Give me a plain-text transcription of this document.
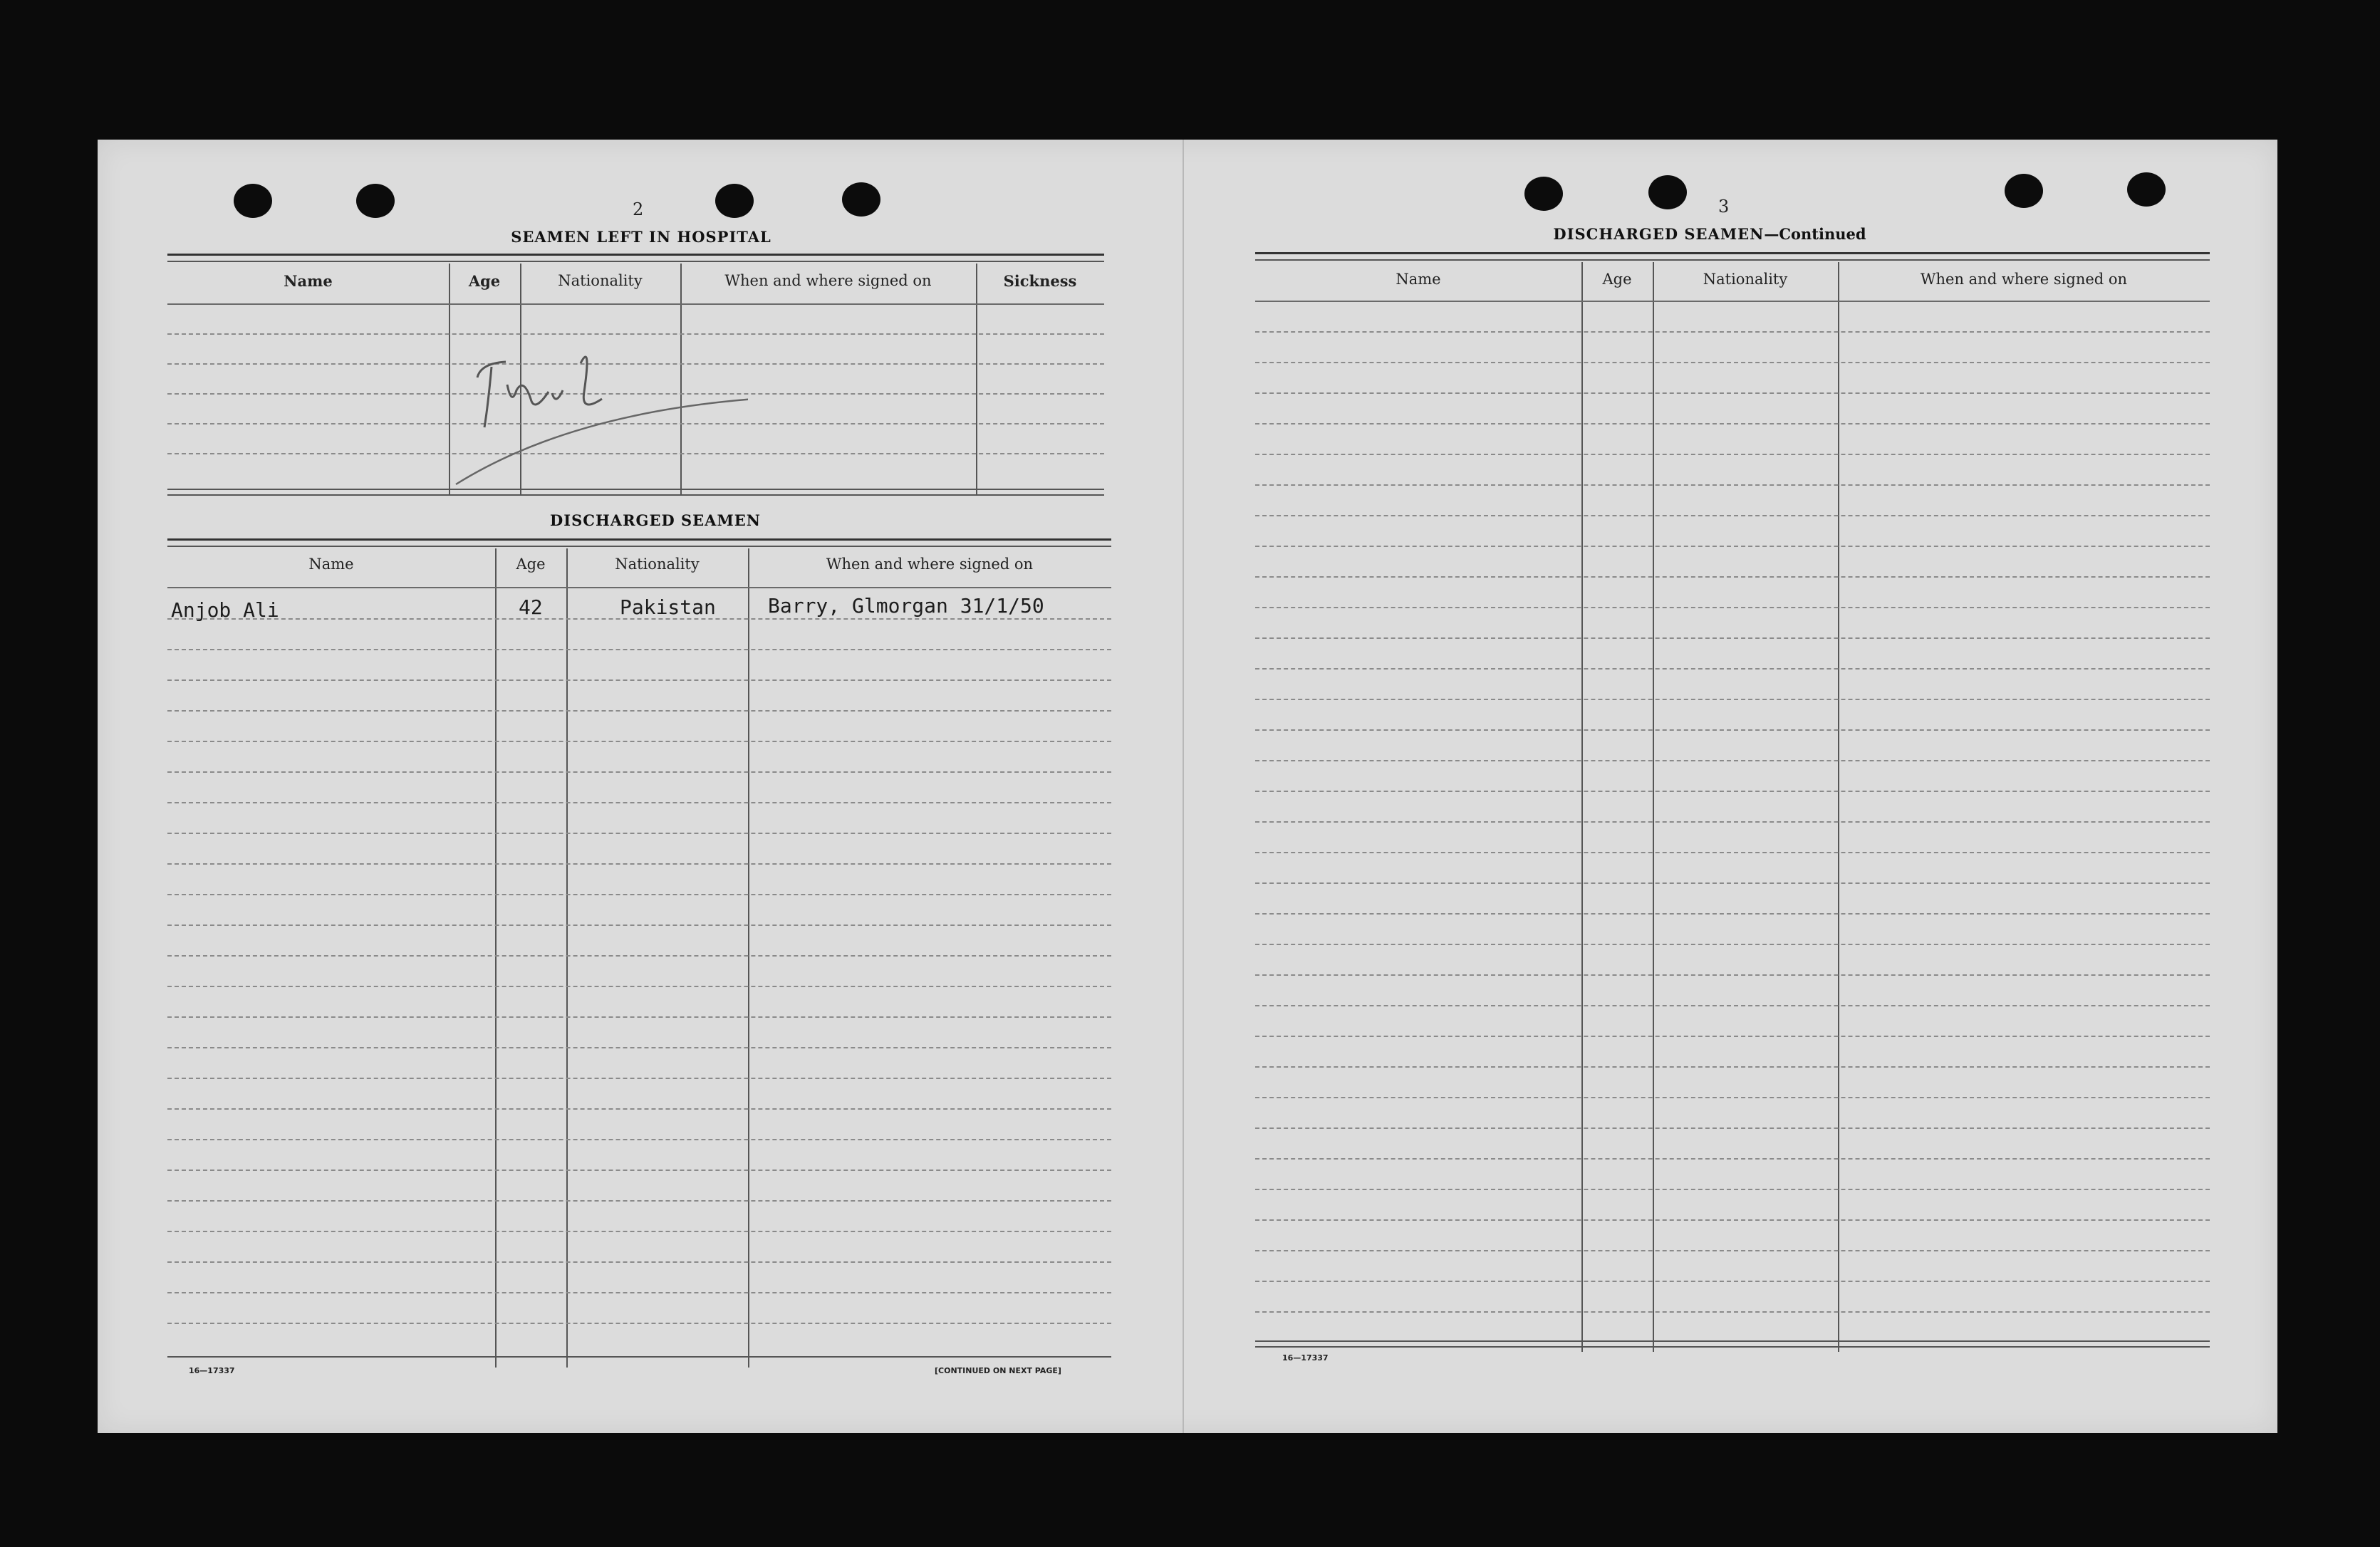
2
SEAMEN LEFT IN HOSPITAL
Name	Age	Nationality	When and where signed on	Sickness
DISCHARGED SEAMEN
Name	Age	Nationality	When and where signed on
Anjob Ali	42	Pakistan	Barry, Glmorgan 31/1/50
16—17337	[CONTINUED ON NEXT PAGE]
3
DISCHARGED SEAMEN—Continued
Name	Age	Nationality	When and where signed on
16—17337
